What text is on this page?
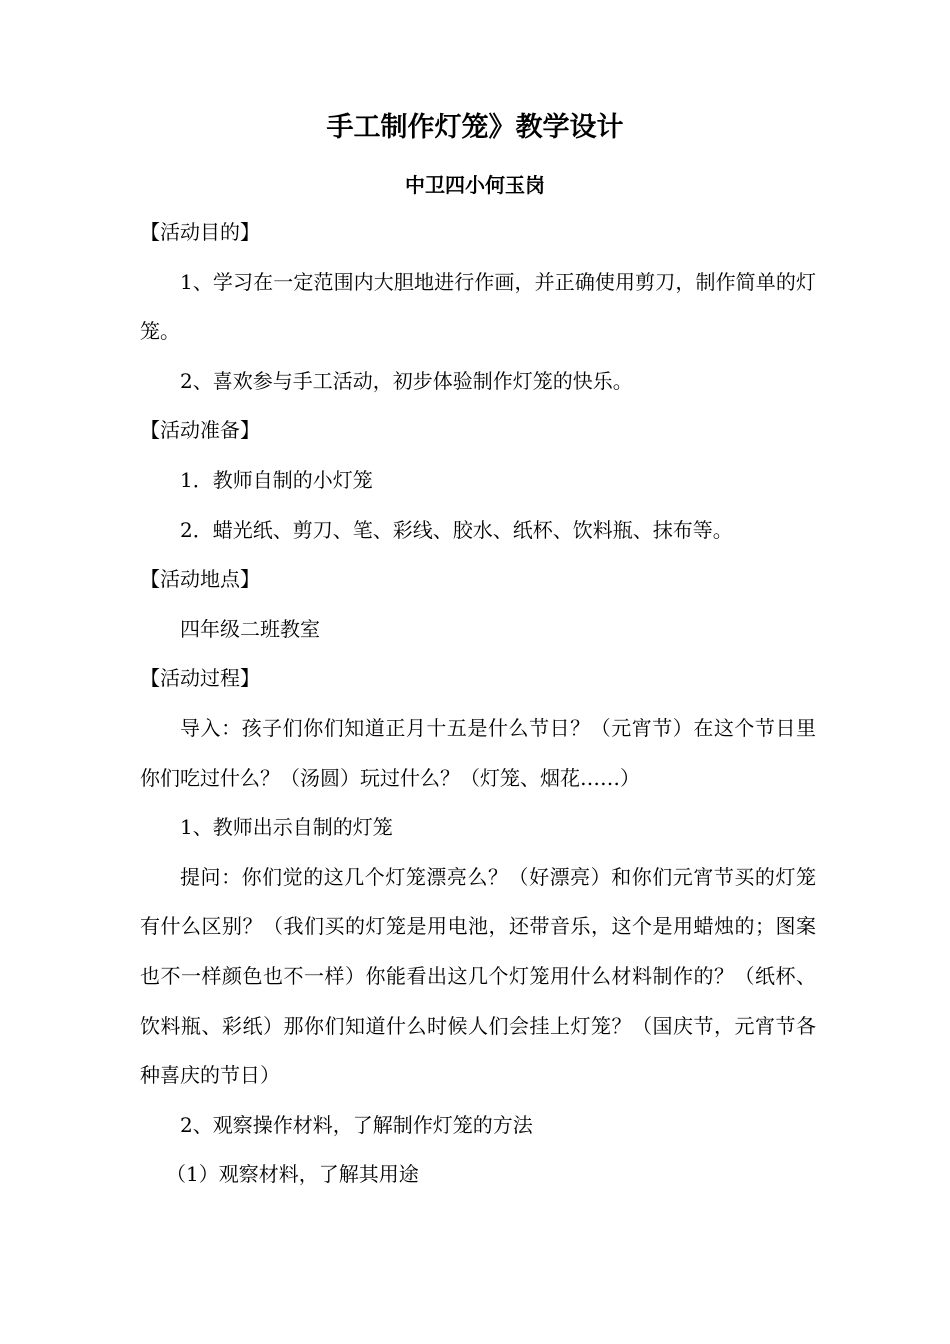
手工制作灯笼》教学设计
中卫四小何玉岗

【活动目的】

1、学习在一定范围内大胆地进行作画，并正确使用剪刀，制作简单的灯笼。

2、喜欢参与手工活动，初步体验制作灯笼的快乐。

【活动准备】

1．教师自制的小灯笼

2．蜡光纸、剪刀、笔、彩线、胶水、纸杯、饮料瓶、抹布等。

【活动地点】

四年级二班教室

【活动过程】

导入：孩子们你们知道正月十五是什么节日？（元宵节）在这个节日里你们吃过什么？（汤圆）玩过什么？（灯笼、烟花……）

1、教师出示自制的灯笼

提问：你们觉的这几个灯笼漂亮么？（好漂亮）和你们元宵节买的灯笼有什么区别？（我们买的灯笼是用电池，还带音乐，这个是用蜡烛的；图案也不一样颜色也不一样）你能看出这几个灯笼用什么材料制作的？（纸杯、饮料瓶、彩纸）那你们知道什么时候人们会挂上灯笼？（国庆节，元宵节各种喜庆的节日）

2、观察操作材料，了解制作灯笼的方法

（1）观察材料，了解其用途
